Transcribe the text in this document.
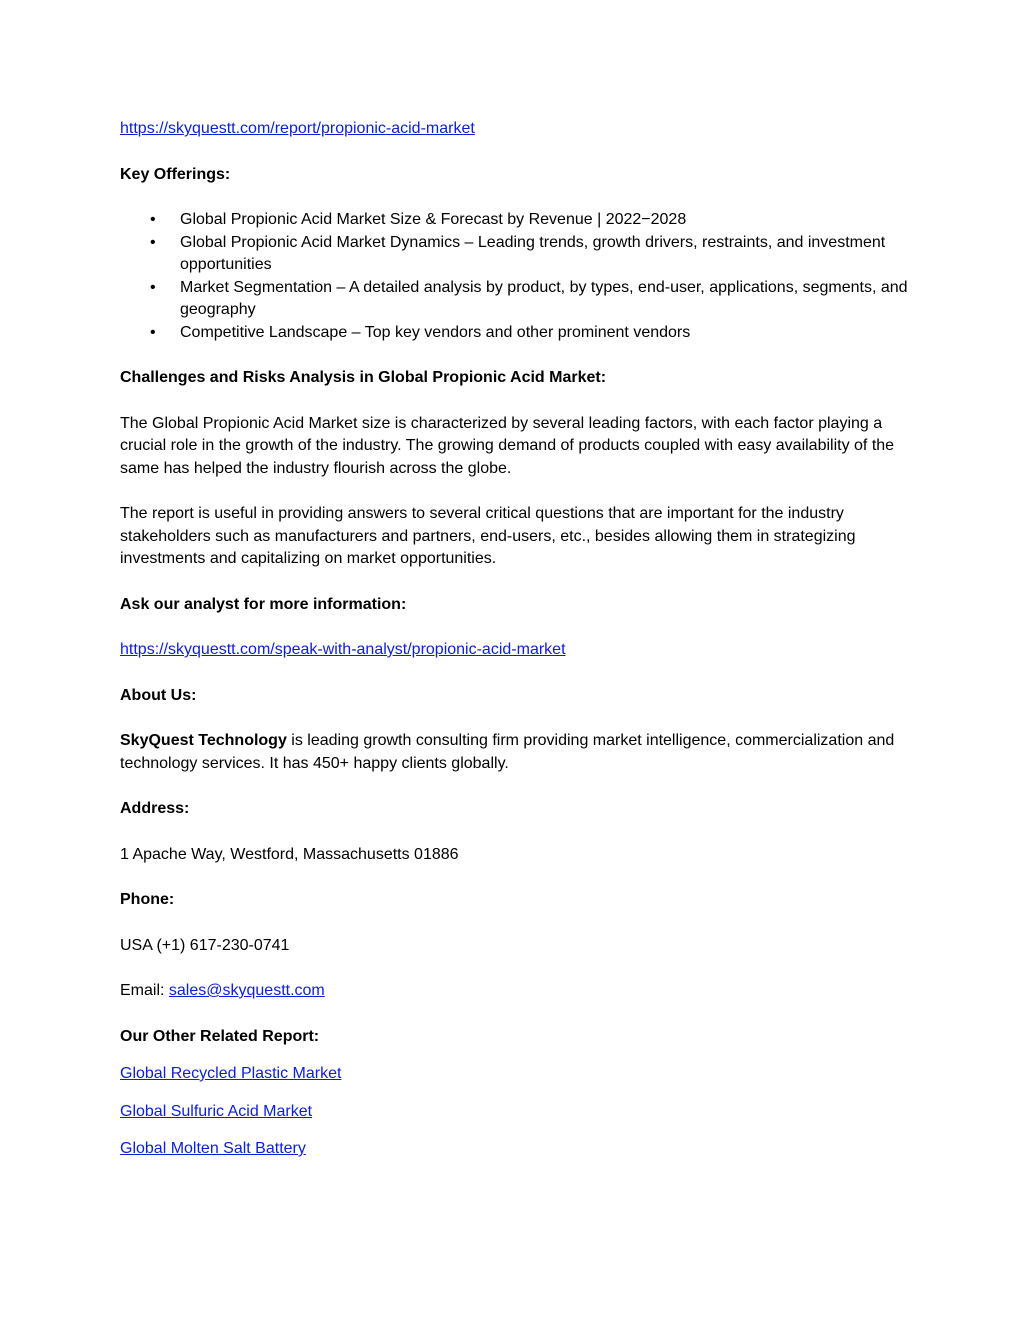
https://skyquestt.com/report/propionic-acid-market

Key Offerings:

• Global Propionic Acid Market Size & Forecast by Revenue | 2022−2028
• Global Propionic Acid Market Dynamics – Leading trends, growth drivers, restraints, and investment opportunities
• Market Segmentation – A detailed analysis by product, by types, end-user, applications, segments, and geography
• Competitive Landscape – Top key vendors and other prominent vendors

Challenges and Risks Analysis in Global Propionic Acid Market:

The Global Propionic Acid Market size is characterized by several leading factors, with each factor playing a crucial role in the growth of the industry. The growing demand of products coupled with easy availability of the same has helped the industry flourish across the globe.

The report is useful in providing answers to several critical questions that are important for the industry stakeholders such as manufacturers and partners, end-users, etc., besides allowing them in strategizing investments and capitalizing on market opportunities.

Ask our analyst for more information:

https://skyquestt.com/speak-with-analyst/propionic-acid-market

About Us:

SkyQuest Technology is leading growth consulting firm providing market intelligence, commercialization and technology services. It has 450+ happy clients globally.

Address:

1 Apache Way, Westford, Massachusetts 01886

Phone:

USA (+1) 617-230-0741

Email: sales@skyquestt.com

Our Other Related Report:

Global Recycled Plastic Market

Global Sulfuric Acid Market

Global Molten Salt Battery
